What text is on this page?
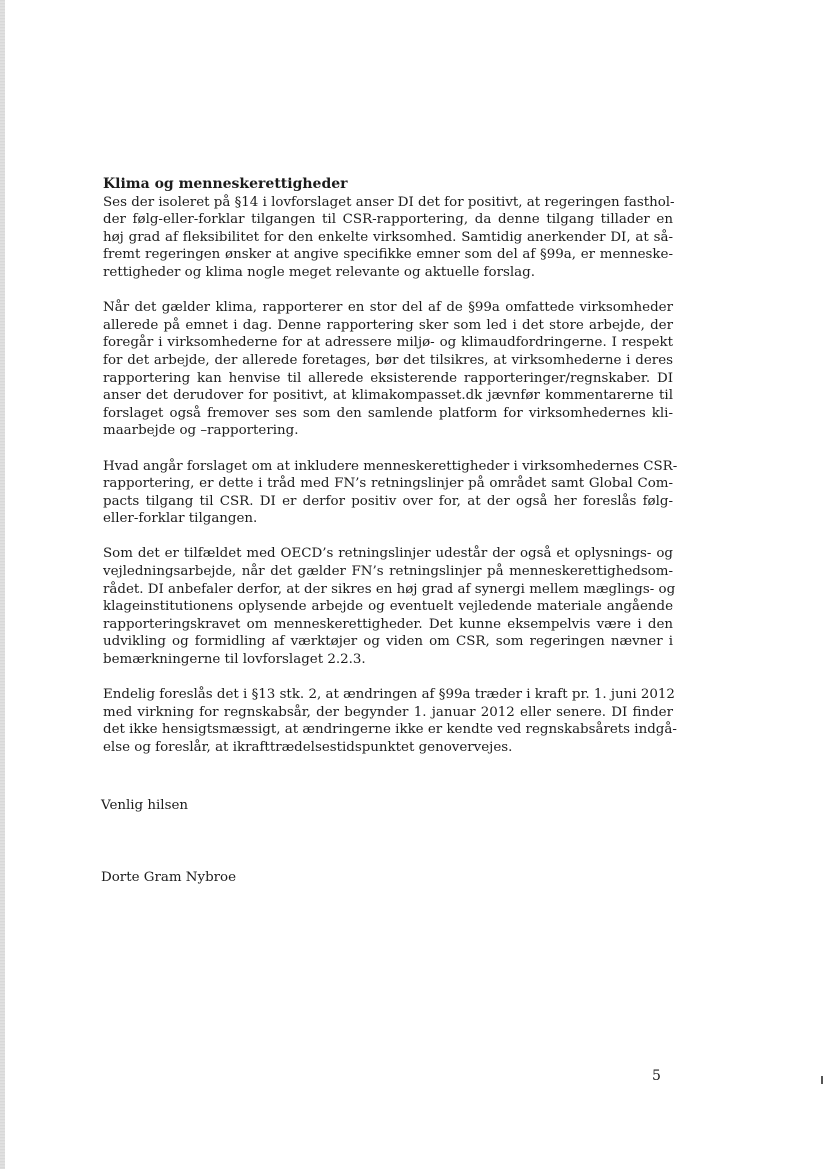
Klima og menneskerettigheder

Ses der isoleret på §14 i lovforslaget anser DI det for positivt, at regeringen fasthol-
der følg-eller-forklar tilgangen til CSR-rapportering, da denne tilgang tillader en
høj grad af fleksibilitet for den enkelte virksomhed. Samtidig anerkender DI, at så-
fremt regeringen ønsker at angive specifikke emner som del af §99a, er menneske-
rettigheder og klima nogle meget relevante og aktuelle forslag.

Når det gælder klima, rapporterer en stor del af de §99a omfattede virksomheder
allerede på emnet i dag. Denne rapportering sker som led i det store arbejde, der
foregår i virksomhederne for at adressere miljø- og klimaudfordringerne. I respekt
for det arbejde, der allerede foretages, bør det tilsikres, at virksomhederne i deres
rapportering kan henvise til allerede eksisterende rapporteringer/regnskaber. DI
anser det derudover for positivt, at klimakompasset.dk jævnfør kommentarerne til
forslaget også fremover ses som den samlende platform for virksomhedernes kli-
maarbejde og –rapportering.

Hvad angår forslaget om at inkludere menneskerettigheder i virksomhedernes CSR-
rapportering, er dette i tråd med FN’s retningslinjer på området samt Global Com-
pacts tilgang til CSR. DI er derfor positiv over for, at der også her foreslås følg-
eller-forklar tilgangen.

Som det er tilfældet med OECD’s retningslinjer udestår der også et oplysnings- og
vejledningsarbejde, når det gælder FN’s retningslinjer på menneskerettighedsom-
rådet. DI anbefaler derfor, at der sikres en høj grad af synergi mellem mæglings- og
klageinstitutionens oplysende arbejde og eventuelt vejledende materiale angående
rapporteringskravet om menneskerettigheder. Det kunne eksempelvis være i den
udvikling og formidling af værktøjer og viden om CSR, som regeringen nævner i
bemærkningerne til lovforslaget 2.2.3.

Endelig foreslås det i §13 stk. 2, at ændringen af §99a træder i kraft pr. 1. juni 2012
med virkning for regnskabsår, der begynder 1. januar 2012 eller senere. DI finder
det ikke hensigtsmæssigt, at ændringerne ikke er kendte ved regnskabsårets indgå-
else og foreslår, at ikrafttrædelsestidspunktet genovervejes.

Venlig hilsen

Dorte Gram Nybroe

5
